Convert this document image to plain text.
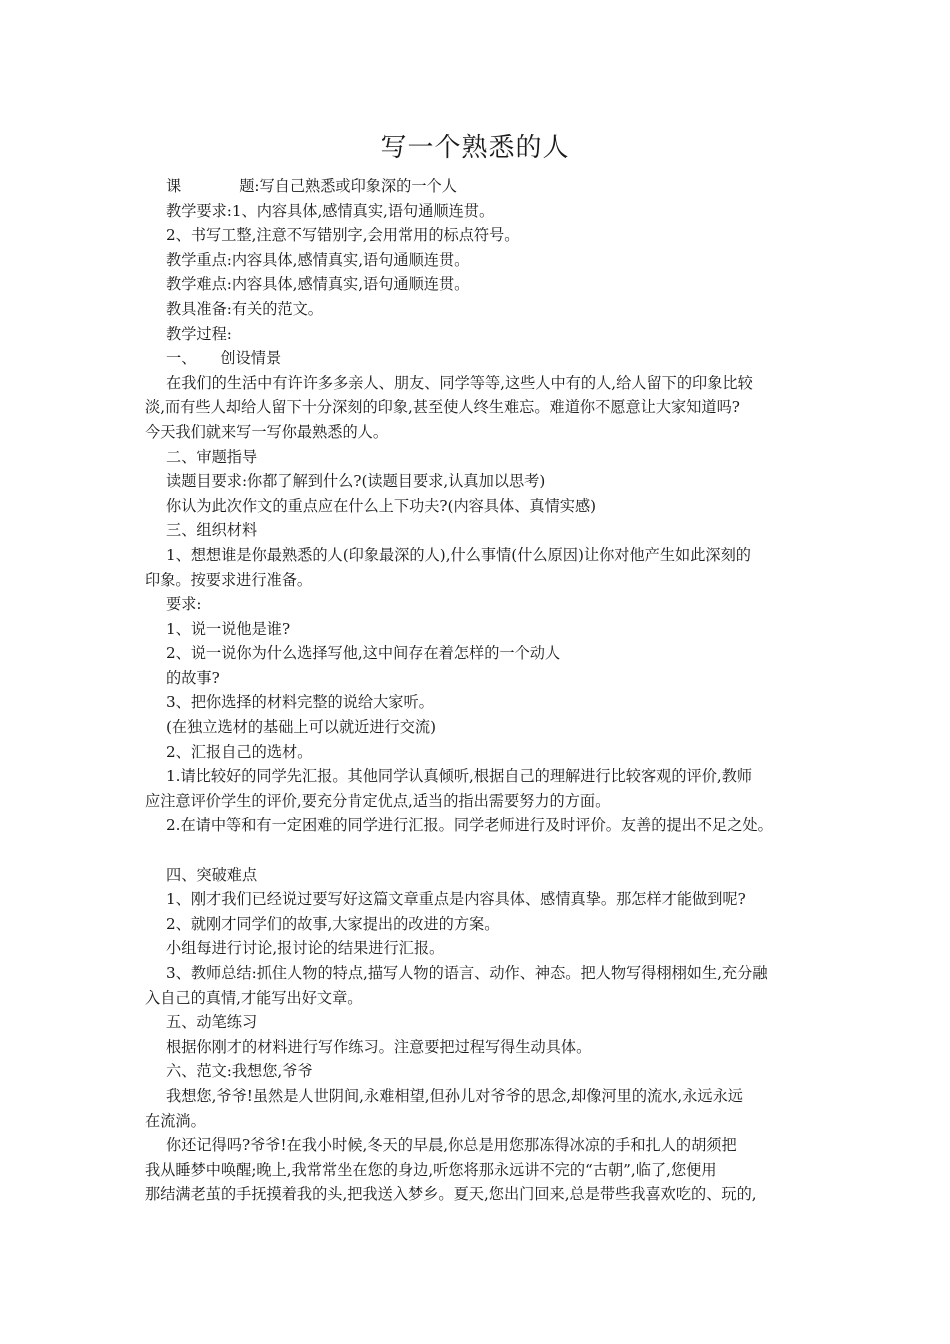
写一个熟悉的人

课	题:写自己熟悉或印象深的一个人

教学要求:1、内容具体,感情真实,语句通顺连贯。

2、书写工整,注意不写错别字,会用常用的标点符号。

教学重点:内容具体,感情真实,语句通顺连贯。

教学难点:内容具体,感情真实,语句通顺连贯。

教具准备:有关的范文。

教学过程:

一、 创设情景

在我们的生活中有许许多多亲人、朋友、同学等等,这些人中有的人,给人留下的印象比较

淡,而有些人却给人留下十分深刻的印象,甚至使人终生难忘。难道你不愿意让大家知道吗?

今天我们就来写一写你最熟悉的人。

二、审题指导

读题目要求:你都了解到什么?(读题目要求,认真加以思考)

你认为此次作文的重点应在什么上下功夫?(内容具体、真情实感)

三、组织材料

1、想想谁是你最熟悉的人(印象最深的人),什么事情(什么原因)让你对他产生如此深刻的

印象。按要求进行准备。

要求:

1、说一说他是谁?

2、说一说你为什么选择写他,这中间存在着怎样的一个动人

的故事?

3、把你选择的材料完整的说给大家听。

(在独立选材的基础上可以就近进行交流)

2、汇报自己的选材。

1.请比较好的同学先汇报。其他同学认真倾听,根据自己的理解进行比较客观的评价,教师

应注意评价学生的评价,要充分肯定优点,适当的指出需要努力的方面。

2.在请中等和有一定困难的同学进行汇报。同学老师进行及时评价。友善的提出不足之处。

四、突破难点

1、刚才我们已经说过要写好这篇文章重点是内容具体、感情真挚。那怎样才能做到呢?

2、就刚才同学们的故事,大家提出的改进的方案。

小组每进行讨论,报讨论的结果进行汇报。

3、教师总结:抓住人物的特点,描写人物的语言、动作、神态。把人物写得栩栩如生,充分融

入自己的真情,才能写出好文章。

五、动笔练习

根据你刚才的材料进行写作练习。注意要把过程写得生动具体。

六、范文:我想您,爷爷

我想您,爷爷!虽然是人世阴间,永难相望,但孙儿对爷爷的思念,却像河里的流水,永远永远

在流淌。

你还记得吗?爷爷!在我小时候,冬天的早晨,你总是用您那冻得冰凉的手和扎人的胡须把

我从睡梦中唤醒;晚上,我常常坐在您的身边,听您将那永远讲不完的“古朝”,临了,您便用

那结满老茧的手抚摸着我的头,把我送入梦乡。夏天,您出门回来,总是带些我喜欢吃的、玩的,
